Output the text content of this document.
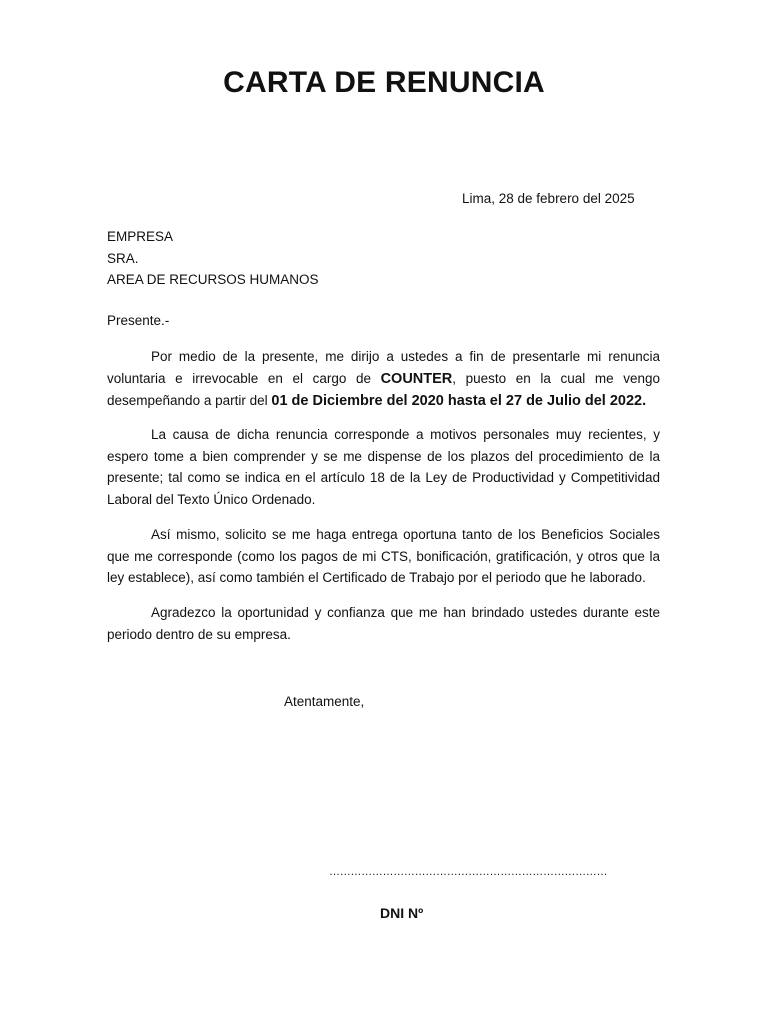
CARTA DE RENUNCIA
Lima, 28 de febrero del 2025
EMPRESA
SRA.
AREA DE RECURSOS HUMANOS
Presente.-

Por medio de la presente, me dirijo a ustedes a fin de presentarle mi renuncia voluntaria e irrevocable en el cargo de COUNTER, puesto en la cual me vengo desempeñando a partir del 01 de Diciembre del 2020 hasta el 27 de Julio del 2022.

La causa de dicha renuncia corresponde a motivos personales muy recientes, y espero tome a bien comprender y se me dispense de los plazos del procedimiento de la presente; tal como se indica en el artículo 18 de la Ley de Productividad y Competitividad Laboral del Texto Único Ordenado.

Así mismo, solicito se me haga entrega oportuna tanto de los Beneficios Sociales que me corresponde (como los pagos de mi CTS, bonificación, gratificación, y otros que la ley establece), así como también el Certificado de Trabajo por el periodo que he laborado.

Agradezco la oportunidad y confianza que me han brindado ustedes durante este periodo dentro de su empresa.

Atentamente,
……………………………………………………………………
DNI Nº
